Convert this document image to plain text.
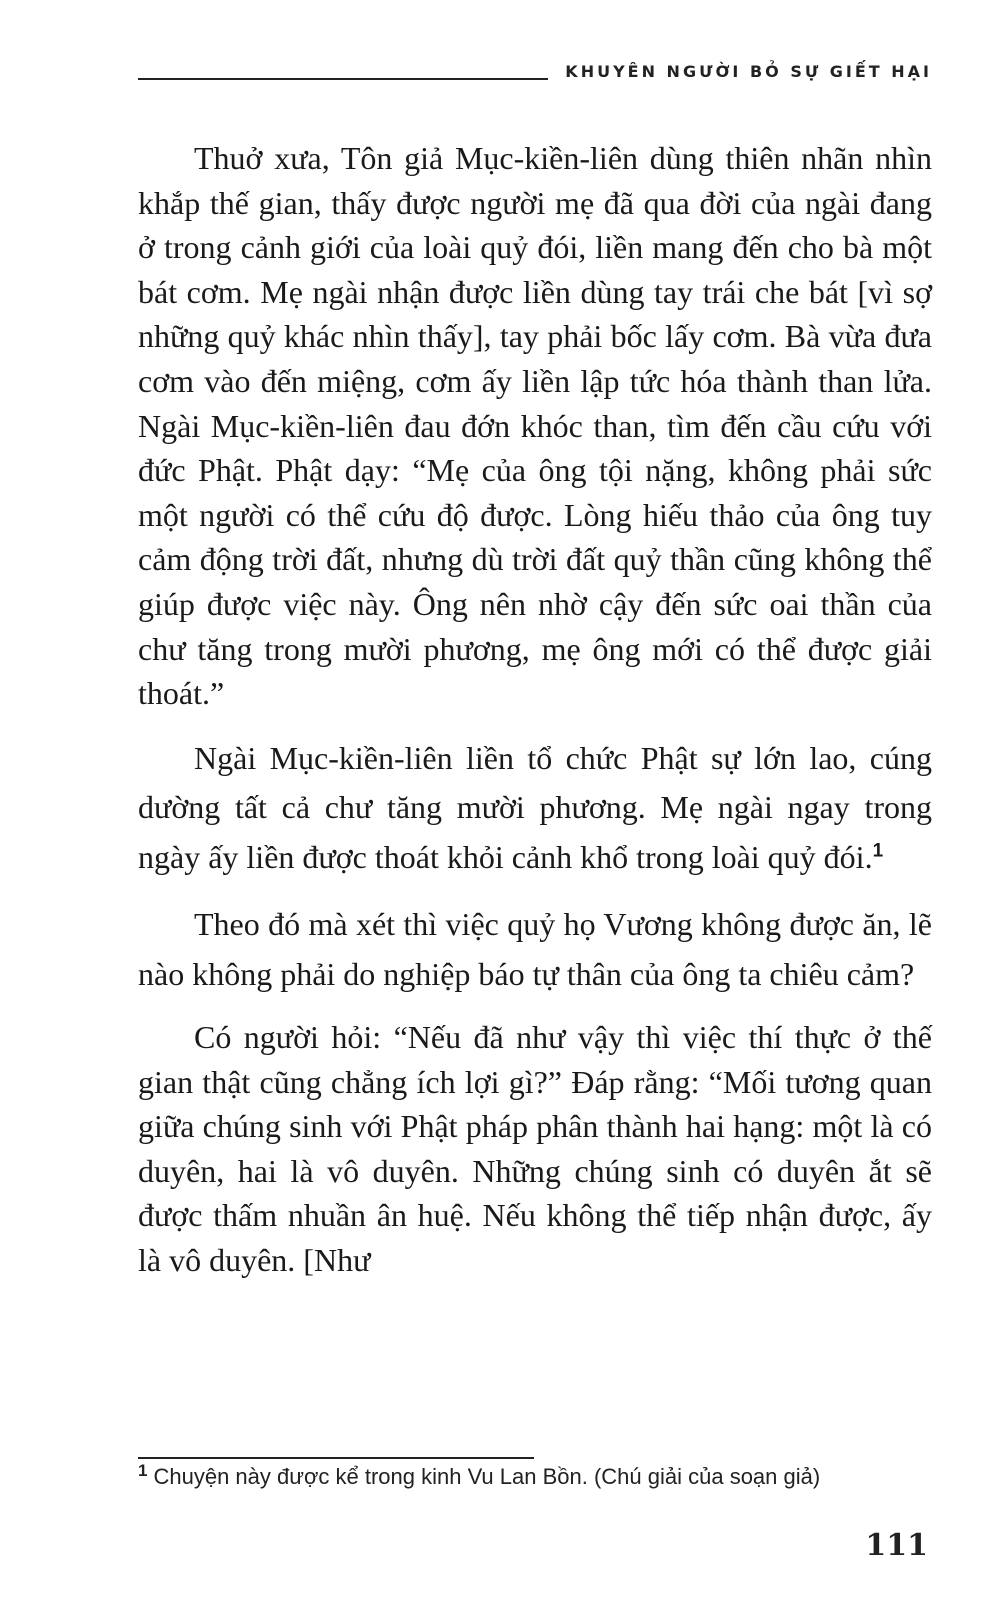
KHUYÊN NGƯỜI BỎ SỰ GIẾT HẠI

Thuở xưa, Tôn giả Mục-kiền-liên dùng thiên nhãn nhìn khắp thế gian, thấy được người mẹ đã qua đời của ngài đang ở trong cảnh giới của loài quỷ đói, liền mang đến cho bà một bát cơm. Mẹ ngài nhận được liền dùng tay trái che bát [vì sợ những quỷ khác nhìn thấy], tay phải bốc lấy cơm. Bà vừa đưa cơm vào đến miệng, cơm ấy liền lập tức hóa thành than lửa. Ngài Mục-kiền-liên đau đớn khóc than, tìm đến cầu cứu với đức Phật. Phật dạy: “Mẹ của ông tội nặng, không phải sức một người có thể cứu độ được. Lòng hiếu thảo của ông tuy cảm động trời đất, nhưng dù trời đất quỷ thần cũng không thể giúp được việc này. Ông nên nhờ cậy đến sức oai thần của chư tăng trong mười phương, mẹ ông mới có thể được giải thoát.”

Ngài Mục-kiền-liên liền tổ chức Phật sự lớn lao, cúng dường tất cả chư tăng mười phương. Mẹ ngài ngay trong ngày ấy liền được thoát khỏi cảnh khổ trong loài quỷ đói.$^1$

Theo đó mà xét thì việc quỷ họ Vương không được ăn, lẽ nào không phải do nghiệp báo tự thân của ông ta chiêu cảm?

Có người hỏi: “Nếu đã như vậy thì việc thí thực ở thế gian thật cũng chẳng ích lợi gì?” Đáp rằng: “Mối tương quan giữa chúng sinh với Phật pháp phân thành hai hạng: một là có duyên, hai là vô duyên. Những chúng sinh có duyên ắt sẽ được thấm nhuần ân huệ. Nếu không thể tiếp nhận được, ấy là vô duyên. [Như

$^1$ Chuyện này được kể trong kinh Vu Lan Bồn. (Chú giải của soạn giả)
111
